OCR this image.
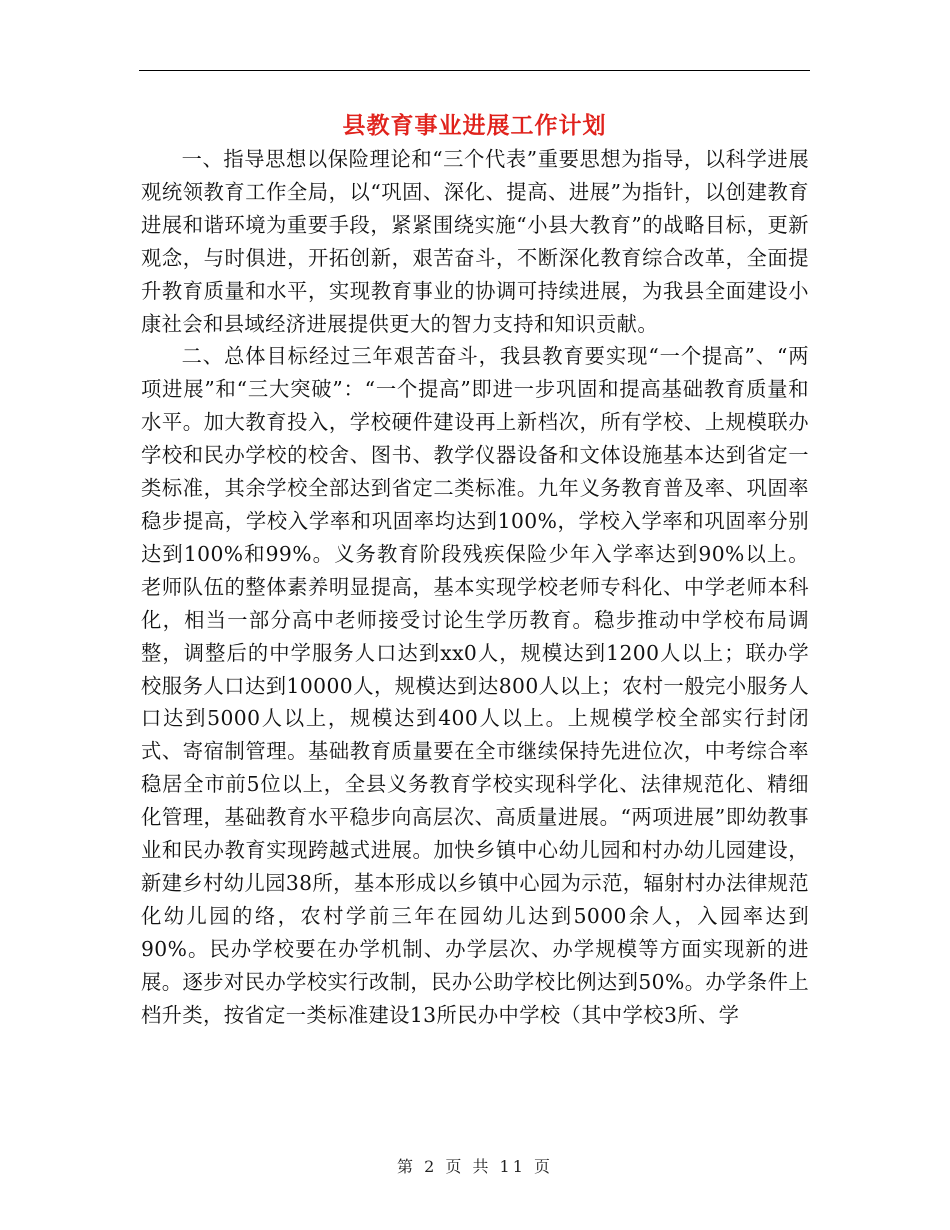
县教育事业进展工作计划

一、指导思想以保险理论和“三个代表”重要思想为指导，以科学进展观统领教育工作全局，以“巩固、深化、提高、进展”为指针，以创建教育进展和谐环境为重要手段，紧紧围绕实施“小县大教育”的战略目标，更新观念，与时俱进，开拓创新，艰苦奋斗，不断深化教育综合改革，全面提升教育质量和水平，实现教育事业的协调可持续进展，为我县全面建设小康社会和县域经济进展提供更大的智力支持和知识贡献。

二、总体目标经过三年艰苦奋斗，我县教育要实现“一个提高”、“两项进展”和“三大突破”：“一个提高”即进一步巩固和提高基础教育质量和水平。加大教育投入，学校硬件建设再上新档次，所有学校、上规模联办学校和民办学校的校舍、图书、教学仪器设备和文体设施基本达到省定一类标准，其余学校全部达到省定二类标准。九年义务教育普及率、巩固率稳步提高，学校入学率和巩固率均达到100%，学校入学率和巩固率分别达到100%和99%。义务教育阶段残疾保险少年入学率达到90%以上。老师队伍的整体素养明显提高，基本实现学校老师专科化、中学老师本科化，相当一部分高中老师接受讨论生学历教育。稳步推动中学校布局调整，调整后的中学服务人口达到xx0人，规模达到1200人以上；联办学校服务人口达到10000人，规模达到达800人以上；农村一般完小服务人口达到5000人以上，规模达到400人以上。上规模学校全部实行封闭式、寄宿制管理。基础教育质量要在全市继续保持先进位次，中考综合率稳居全市前5位以上，全县义务教育学校实现科学化、法律规范化、精细化管理，基础教育水平稳步向高层次、高质量进展。“两项进展”即幼教事业和民办教育实现跨越式进展。加快乡镇中心幼儿园和村办幼儿园建设，新建乡村幼儿园38所，基本形成以乡镇中心园为示范，辐射村办法律规范化幼儿园的络，农村学前三年在园幼儿达到5000余人，入园率达到90%。民办学校要在办学机制、办学层次、办学规模等方面实现新的进展。逐步对民办学校实行改制，民办公助学校比例达到50%。办学条件上档升类，按省定一类标准建设13所民办中学校（其中学校3所、学

第 2 页 共 11 页
